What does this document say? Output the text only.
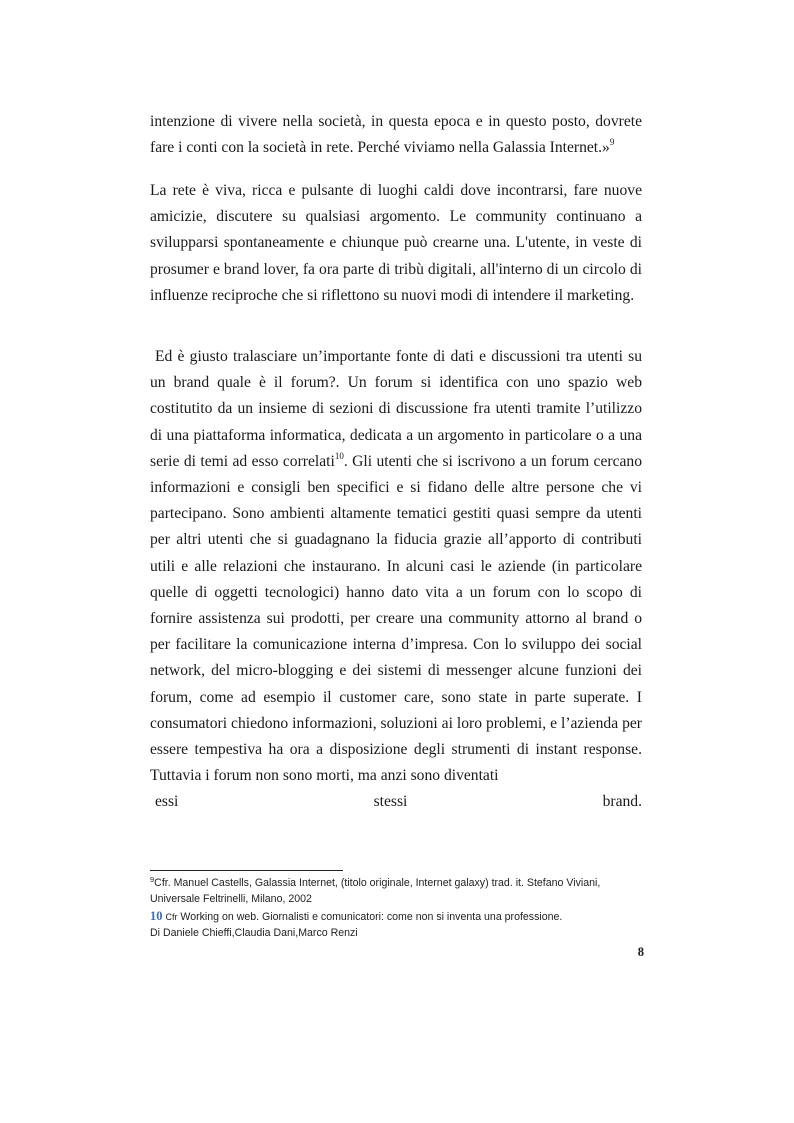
intenzione di vivere nella società, in questa epoca e in questo posto, dovrete fare i conti con la società in rete. Perché viviamo nella Galassia Internet.»$^9$

La rete è viva, ricca e pulsante di luoghi caldi dove incontrarsi, fare nuove amicizie, discutere su qualsiasi argomento. Le community continuano a svilupparsi spontaneamente e chiunque può crearne una. L'utente, in veste di prosumer e brand lover, fa ora parte di tribù digitali, all'interno di un circolo di influenze reciproche che si riflettono su nuovi modi di intendere il marketing.

Ed è giusto tralasciare un’importante fonte di dati e discussioni tra utenti su un brand quale è il forum?. Un forum si identifica con uno spazio web costitutito da un insieme di sezioni di discussione fra utenti tramite l’utilizzo di una piattaforma informatica, dedicata a un argomento in particolare o a una serie di temi ad esso correlati$^{10}$. Gli utenti che si iscrivono a un forum cercano informazioni e consigli ben specifici e si fidano delle altre persone che vi partecipano. Sono ambienti altamente tematici gestiti quasi sempre da utenti per altri utenti che si guadagnano la fiducia grazie all’apporto di contributi utili e alle relazioni che instaurano. In alcuni casi le aziende (in particolare quelle di oggetti tecnologici) hanno dato vita a un forum con lo scopo di fornire assistenza sui prodotti, per creare una community attorno al brand o per facilitare la comunicazione interna d’impresa. Con lo sviluppo dei social network, del micro-blogging e dei sistemi di messenger alcune funzioni dei forum, come ad esempio il customer care, sono state in parte superate. I consumatori chiedono informazioni, soluzioni ai loro problemi, e l’azienda per essere tempestiva ha ora a disposizione degli strumenti di instant response. Tuttavia i forum non sono morti, ma anzi sono diventati
essi stessi brand.
$^9$Cfr. Manuel Castells, Galassia Internet, (titolo originale, Internet galaxy) trad. it. Stefano Viviani, Universale Feltrinelli, Milano, 2002
10 Cfr Working on web. Giornalisti e comunicatori: come non si inventa una professione.
Di Daniele Chieffi,Claudia Dani,Marco Renzi
8
